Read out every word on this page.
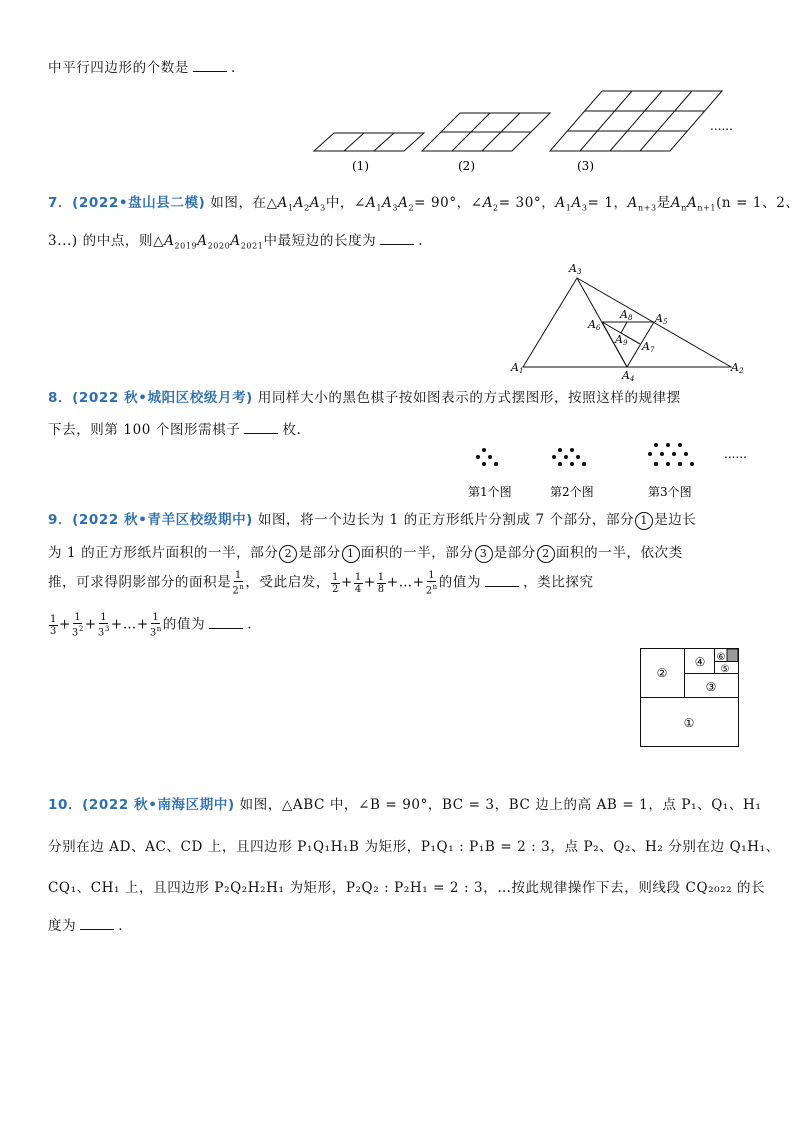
中平行四边形的个数是	.
(1)	(2)	(3)
......
7．(2022•盘山县二模) 如图，在$\triangle A_1A_2A_3$中，$\angle A_1A_3A_2= 90^\circ$，$\angle A_2= 30^\circ$，$A_1A_3= 1$，$A_{n+3}$是$A_nA_{n+1}(n = 1$、2、
3...) 的中点，则$\triangle A_{2019}A_{2020}A_{2021}$中最短边的长度为	.
A3
A1	A2
A4
A5
A6
A7
A8
A9
8．(2022 秋•城阳区校级月考) 用同样大小的黑色棋子按如图表示的方式摆图形，按照这样的规律摆
下去，则第 100 个图形需棋子	枚.
......
第1个图	第2个图	第3个图
9．(2022 秋•青羊区校级期中) 如图，将一个边长为 1 的正方形纸片分割成 7 个部分，部分 1 是边长
为 1 的正方形纸片面积的一半，部分 2 是部分 1 面积的一半，部分 3 是部分 2 面积的一半，依次类
推，可求得阴影部分的面积是 $\frac{1}{2^n}$ ，受此启发， $\frac{1}{2} + \frac{1}{4} + \frac{1}{8}$ +…+ $\frac{1}{2^n}$ 的值为	，类比探究
$\frac{1}{3} + \frac{1}{3^2} + \frac{1}{3^3}$ +…+ $\frac{1}{3^n}$ 的值为	.
①
②
③
④
⑤
⑥
10．(2022 秋•南海区期中) 如图，△ABC 中，∠B = 90°，BC = 3，BC 边上的高 AB = 1，点 P₁、Q₁、H₁
分别在边 AD、AC、CD 上，且四边形 P₁Q₁H₁B 为矩形，P₁Q₁ : P₁B = 2 : 3，点 P₂、Q₂、H₂ 分别在边 Q₁H₁、
CQ₁、CH₁ 上，且四边形 P₂Q₂H₂H₁ 为矩形，P₂Q₂ : P₂H₁ = 2 : 3，…按此规律操作下去，则线段 CQ₂₀₂₂ 的长
度为	.
